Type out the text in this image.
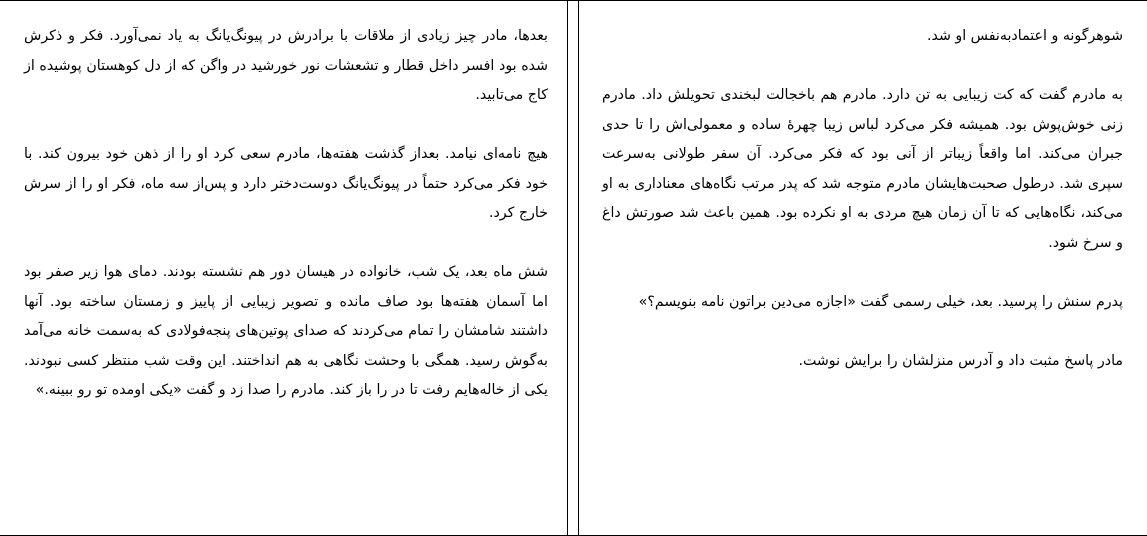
بعدها، مادر چیز زیادی از ملاقات با برادرش در پیونگ‌یانگ به یاد نمی‌آورد. فکر و ذکرش شده بود افسر داخل قطار و تشعشات نور خورشید در واگن که از دل کوهستان پوشیده از کاج می‌تابید.

هیچ نامه‌ای نیامد. بعداز گذشت هفته‌ها، مادرم سعی کرد او را از ذهن خود بیرون کند. با خود فکر می‌کرد حتماً در پیونگ‌یانگ دوست‌دختر دارد و پس‌از سه ماه، فکر او را از سرش خارج کرد.

شش ماه بعد، یک شب، خانواده در هیسان دور هم نشسته بودند. دمای هوا زیر صفر بود اما آسمان هفته‌ها بود صاف مانده و تصویر زیبایی از پاییز و زمستان ساخته بود. آنها داشتند شامشان را تمام می‌کردند که صدای پوتین‌های پنجه‌فولادی که به‌سمت خانه می‌آمد به‌گوش رسید. همگی با وحشت نگاهی به هم انداختند. این وقت شب منتظر کسی نبودند. یکی از خاله‌هایم رفت تا در را باز کند. مادرم را صدا زد و گفت «یکی اومده تو رو ببینه.»

شوهرگونه و اعتمادبه‌نفس او شد.

به مادرم گفت که کت زیبایی به تن دارد. مادرم هم باخجالت لبخندی تحویلش داد. مادرم زنی خوش‌پوش بود. همیشه فکر می‌کرد لباس زیبا چهرهٔ ساده و معمولی‌اش را تا حدی جبران می‌کند. اما واقعاً زیباتر از آنی بود که فکر می‌کرد. آن سفر طولانی به‌سرعت سپری شد. درطول صحبت‌هایشان مادرم متوجه شد که پدر مرتب نگاه‌های معناداری به او می‌کند، نگاه‌هایی که تا آن زمان هیچ مردی به او نکرده بود. همین باعث شد صورتش داغ و سرخ شود.

پدرم سنش را پرسید. بعد، خیلی رسمی گفت «اجازه می‌دین براتون نامه بنویسم؟»

مادر پاسخ مثبت داد و آدرس منزلشان را برایش نوشت.
